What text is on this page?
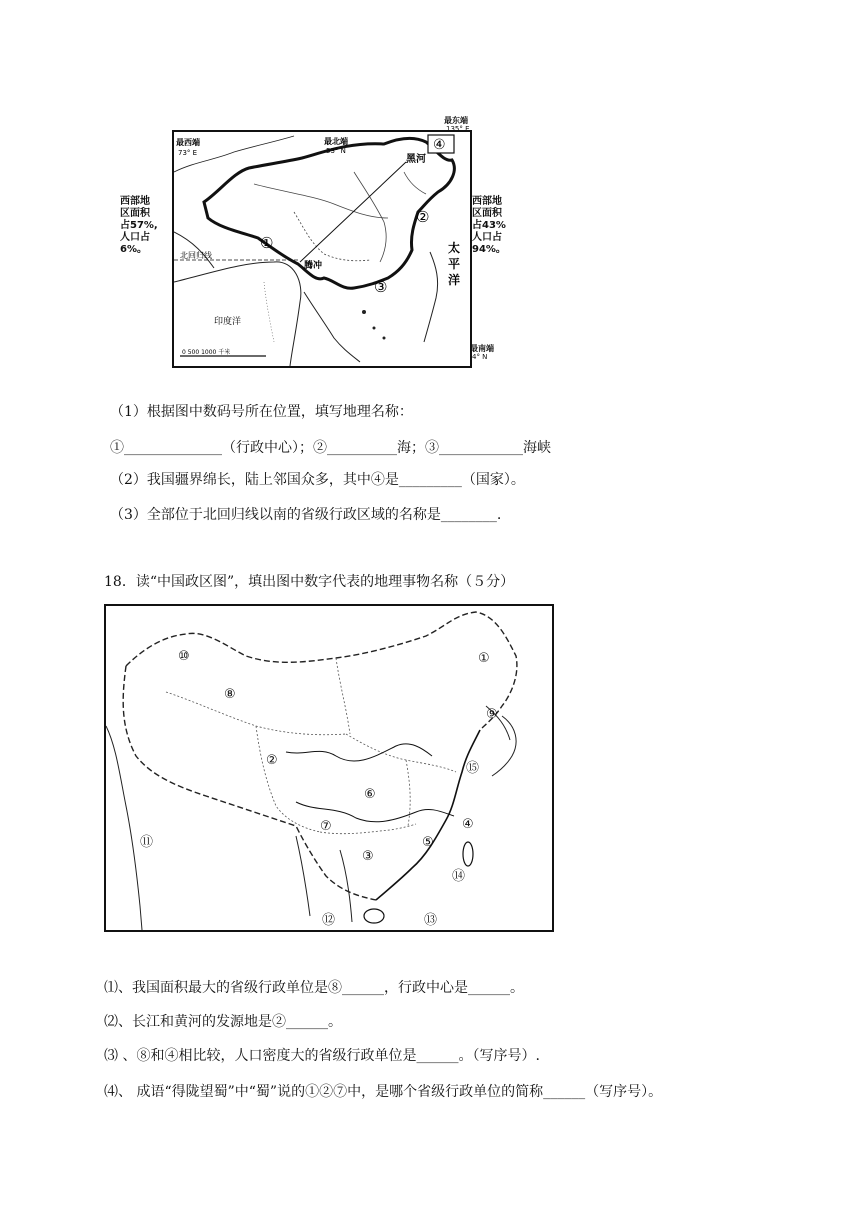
0 500 1000 千米
最西端
73° E
最北端
53° N
黑河
腾冲
北回归线
印度洋
太
平
洋
①
②
③
④
最东端
135° E
最南端
4° N
西部地
区面积
占57%,
人口占
6%。
西部地
区面积
占43%
人口占
94%。
（1）根据图中数码号所在位置，填写地理名称：
①______________（行政中心）；②__________海；③____________海峡
（2）我国疆界绵长，陆上邻国众多，其中④是_________（国家）。
（3）全部位于北回归线以南的省级行政区域的名称是________.
18．读“中国政区图”，填出图中数字代表的地理事物名称（５分）
⑩
⑧
①
⑨
②
⑮
⑥
④
⑦
⑤
⑪
③
⑭
⑫	⑬
⑴、我国面积最大的省级行政单位是⑧______，行政中心是______。
⑵、长江和黄河的发源地是②______。
⑶ 、⑧和④相比较，人口密度大的省级行政单位是______。（写序号）.
⑷、 成语“得陇望蜀”中“蜀”说的①②⑦中，是哪个省级行政单位的简称______（写序号）。
